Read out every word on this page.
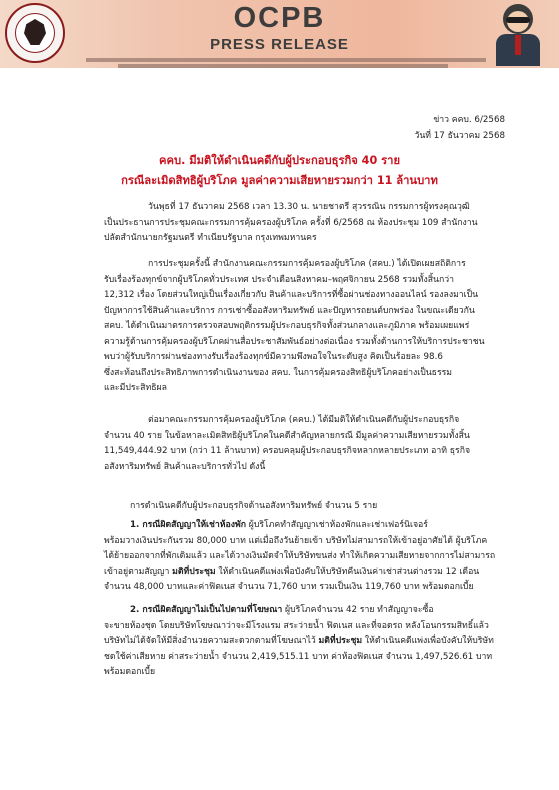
OCPB
PRESS RELEASE
ข่าว คคบ. 6/2568
วันที่ 17 ธันวาคม 2568
คคบ. มีมติให้ดำเนินคดีกับผู้ประกอบธุรกิจ 40 ราย
กรณีละเมิดสิทธิผู้บริโภค มูลค่าความเสียหายรวมกว่า 11 ล้านบาท
วันพุธที่ 17 ธันวาคม 2568 เวลา 13.30 น. นายชาตรี สุวรรณิน กรรมการผู้ทรงคุณวุฒิ
เป็นประธานการประชุมคณะกรรมการคุ้มครองผู้บริโภค ครั้งที่ 6/2568 ณ ห้องประชุม 109 สำนักงาน
ปลัดสำนักนายกรัฐมนตรี ทำเนียบรัฐบาล กรุงเทพมหานคร
การประชุมครั้งนี้ สำนักงานคณะกรรมการคุ้มครองผู้บริโภค (สคบ.) ได้เปิดเผยสถิติการ
รับเรื่องร้องทุกข์จากผู้บริโภคทั่วประเทศ ประจำเดือนสิงหาคม–พฤศจิกายน 2568 รวมทั้งสิ้นกว่า
12,312 เรื่อง โดยส่วนใหญ่เป็นเรื่องเกี่ยวกับ สินค้าและบริการที่ซื้อผ่านช่องทางออนไลน์ รองลงมาเป็น
ปัญหาการใช้สินค้าและบริการ การเช่าซื้ออสังหาริมทรัพย์ และปัญหารถยนต์บกพร่อง ในขณะเดียวกัน
สคบ. ได้ดำเนินมาตรการตรวจสอบพฤติกรรมผู้ประกอบธุรกิจทั้งส่วนกลางและภูมิภาค พร้อมเผยแพร่
ความรู้ด้านการคุ้มครองผู้บริโภคผ่านสื่อประชาสัมพันธ์อย่างต่อเนื่อง รวมทั้งด้านการให้บริการประชาชน
พบว่าผู้รับบริการผ่านช่องทางรับเรื่องร้องทุกข์มีความพึงพอใจในระดับสูง คิดเป็นร้อยละ 98.6
ซึ่งสะท้อนถึงประสิทธิภาพการดำเนินงานของ สคบ. ในการคุ้มครองสิทธิผู้บริโภคอย่างเป็นธรรม
และมีประสิทธิผล
ต่อมาคณะกรรมการคุ้มครองผู้บริโภค (คคบ.) ได้มีมติให้ดำเนินคดีกับผู้ประกอบธุรกิจ
จำนวน 40 ราย ในข้อหาละเมิดสิทธิผู้บริโภคในคดีสำคัญหลายกรณี มีมูลค่าความเสียหายรวมทั้งสิ้น
11,549,444.92 บาท (กว่า 11 ล้านบาท) ครอบคลุมผู้ประกอบธุรกิจหลากหลายประเภท อาทิ ธุรกิจ
อสังหาริมทรัพย์ สินค้าและบริการทั่วไป ดังนี้
การดำเนินคดีกับผู้ประกอบธุรกิจด้านอสังหาริมทรัพย์ จำนวน 5 ราย
1. กรณีผิดสัญญาให้เช่าห้องพัก ผู้บริโภคทำสัญญาเช่าห้องพักและเช่าเฟอร์นิเจอร์
พร้อมวางเงินประกันรวม 80,000 บาท แต่เมื่อถึงวันย้ายเข้า บริษัทไม่สามารถให้เข้าอยู่อาศัยได้ ผู้บริโภค
ได้ย้ายออกจากที่พักเดิมแล้ว และได้วางเงินมัดจำให้บริษัทขนส่ง ทำให้เกิดความเสียหายจากการไม่สามารถ
เข้าอยู่ตามสัญญา มติที่ประชุม ให้ดำเนินคดีแพ่งเพื่อบังคับให้บริษัทคืนเงินค่าเช่าส่วนต่างรวม 12 เดือน
จำนวน 48,000 บาทและค่าฟิตเนส จำนวน 71,760 บาท รวมเป็นเงิน 119,760 บาท พร้อมดอกเบี้ย
2. กรณีผิดสัญญาไม่เป็นไปตามที่โฆษณา ผู้บริโภคจำนวน 42 ราย ทำสัญญาจะซื้อ
จะขายห้องชุด โดยบริษัทโฆษณาว่าจะมีโรงแรม สระว่ายน้ำ ฟิตเนส และที่จอดรถ หลังโอนกรรมสิทธิ์แล้ว
บริษัทไม่ได้จัดให้มีสิ่งอำนวยความสะดวกตามที่โฆษณาไว้ มติที่ประชุม ให้ดำเนินคดีแพ่งเพื่อบังคับให้บริษัท
ชดใช้ค่าเสียหาย ค่าสระว่ายน้ำ จำนวน 2,419,515.11 บาท ค่าห้องฟิตเนส จำนวน 1,497,526.61 บาท
พร้อมดอกเบี้ย
